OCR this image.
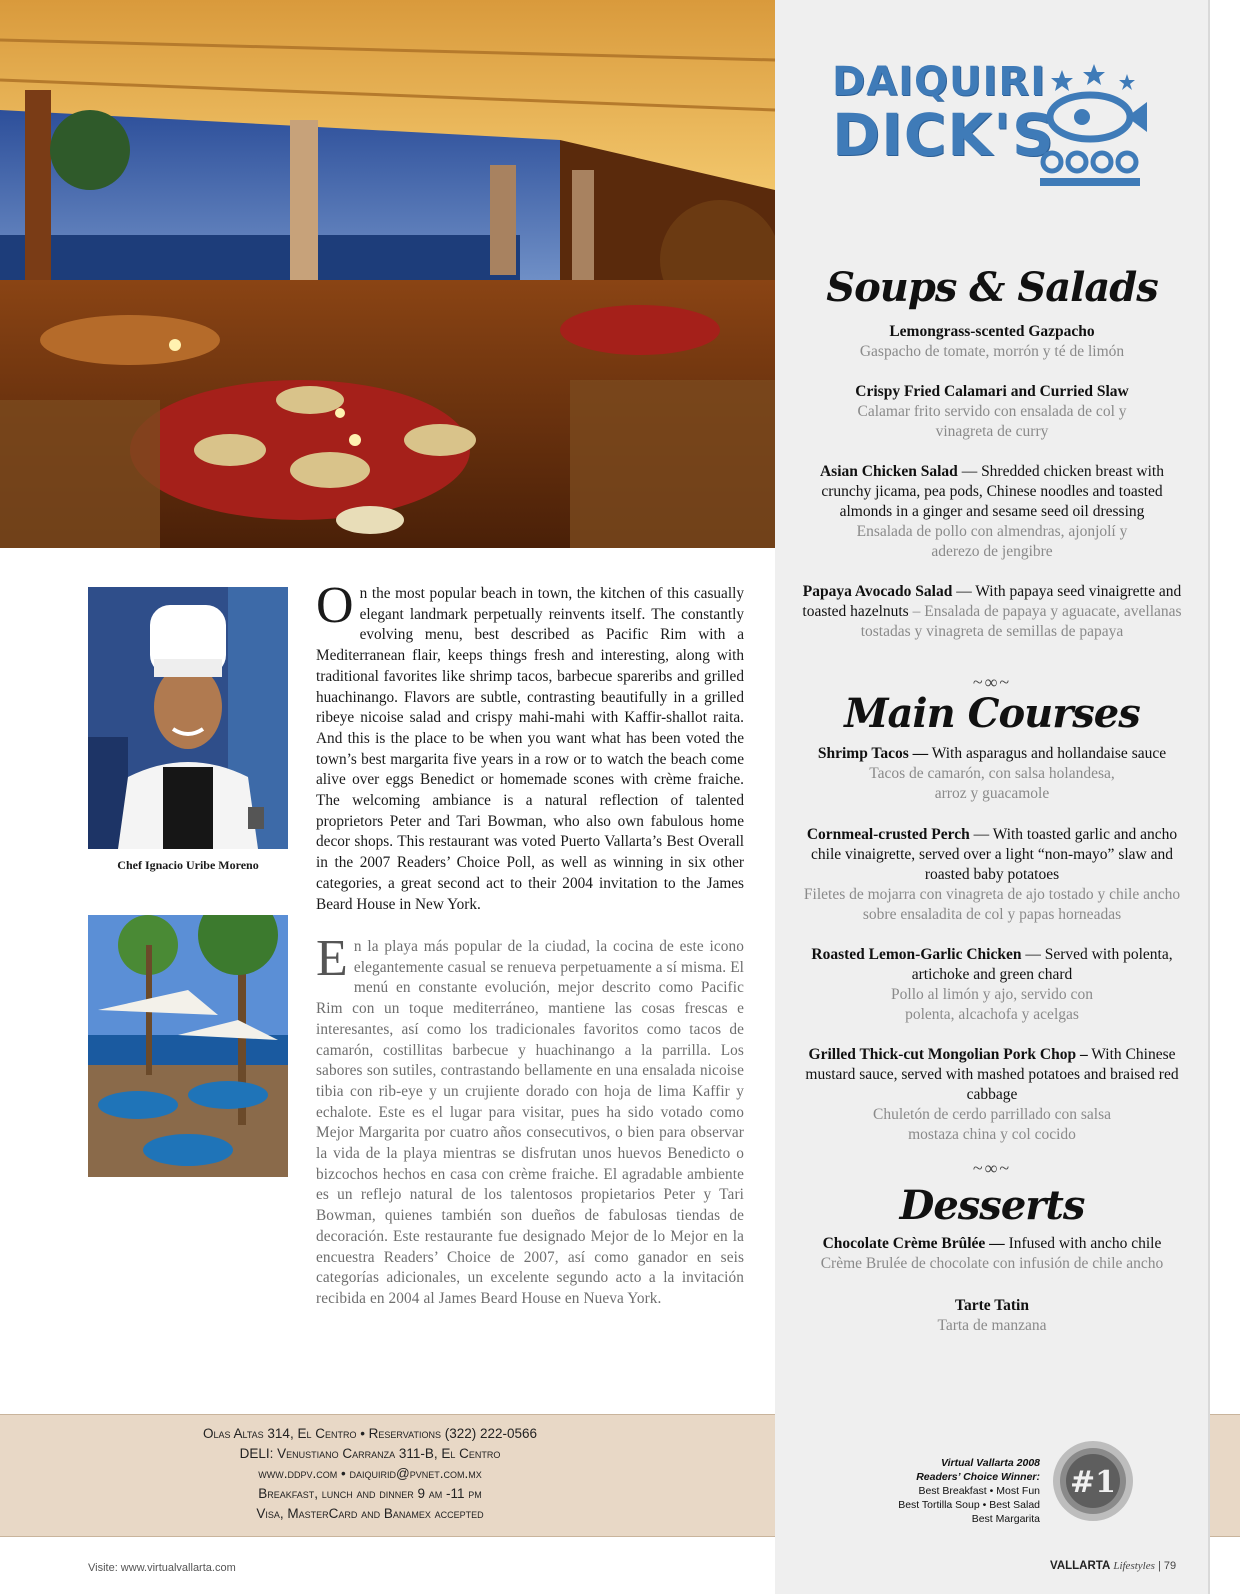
DAIQUIRI
DICK'S
Soups & Salads
Lemongrass-scented Gazpacho
Gaspacho de tomate, morrón y té de limón
Crispy Fried Calamari and Curried Slaw
Calamar frito servido con ensalada de col y vinagreta de curry
Asian Chicken Salad — Shredded chicken breast with crunchy jicama, pea pods, Chinese noodles and toasted almonds in a ginger and sesame seed oil dressing
Ensalada de pollo con almendras, ajonjolí y aderezo de jengibre
Papaya Avocado Salad — With papaya seed vinaigrette and toasted hazelnuts – Ensalada de papaya y aguacate, avellanas tostadas y vinagreta de semillas de papaya
~∞~
Main Courses
Shrimp Tacos — With asparagus and hollandaise sauce
Tacos de camarón, con salsa holandesa, arroz y guacamole
Cornmeal-crusted Perch — With toasted garlic and ancho chile vinaigrette, served over a light “non-mayo” slaw and roasted baby potatoes
Filetes de mojarra con vinagreta de ajo tostado y chile ancho sobre ensaladita de col y papas horneadas
Roasted Lemon-Garlic Chicken — Served with polenta, artichoke and green chard
Pollo al limón y ajo, servido con polenta, alcachofa y acelgas
Grilled Thick-cut Mongolian Pork Chop – With Chinese mustard sauce, served with mashed potatoes and braised red cabbage
Chuletón de cerdo parrillado con salsa mostaza china y col cocido
~∞~
Desserts
Chocolate Crème Brûlée — Infused with ancho chile
Crème Brulée de chocolate con infusión de chile ancho
Tarte Tatin
Tarta de manzana
Chef Ignacio Uribe Moreno
On the most popular beach in town, the kitchen of this casually elegant landmark perpetually reinvents itself. The constantly evolving menu, best described as Pacific Rim with a Mediterranean flair, keeps things fresh and interesting, along with traditional favorites like shrimp tacos, barbecue spareribs and grilled huachinango. Flavors are subtle, contrasting beautifully in a grilled ribeye nicoise salad and crispy mahi-mahi with Kaffir-shallot raita. And this is the place to be when you want what has been voted the town’s best margarita five years in a row or to watch the beach come alive over eggs Benedict or homemade scones with crème fraiche. The welcoming ambiance is a natural reflection of talented proprietors Peter and Tari Bowman, who also own fabulous home decor shops. This restaurant was voted Puerto Vallarta’s Best Overall in the 2007 Readers’ Choice Poll, as well as winning in six other categories, a great second act to their 2004 invitation to the James Beard House in New York.
En la playa más popular de la ciudad, la cocina de este icono elegantemente casual se renueva perpetuamente a sí misma. El menú en constante evolución, mejor descrito como Pacific Rim con un toque mediterráneo, mantiene las cosas frescas e interesantes, así como los tradicionales favoritos como tacos de camarón, costillitas barbecue y huachinango a la parrilla. Los sabores son sutiles, contrastando bellamente en una ensalada nicoise tibia con rib-eye y un crujiente dorado con hoja de lima Kaffir y echalote. Este es el lugar para visitar, pues ha sido votado como Mejor Margarita por cuatro años consecutivos, o bien para observar la vida de la playa mientras se disfrutan unos huevos Benedicto o bizcochos hechos en casa con crème fraiche. El agradable ambiente es un reflejo natural de los talentosos propietarios Peter y Tari Bowman, quienes también son dueños de fabulosas tiendas de decoración. Este restaurante fue designado Mejor de lo Mejor en la encuestra Readers’ Choice de 2007, así como ganador en seis categorías adicionales, un excelente segundo acto a la invitación recibida en 2004 al James Beard House en Nueva York.
Olas Altas 314, El Centro • Reservations (322) 222-0566
DELI: Venustiano Carranza 311-B, El Centro
www.ddpv.com • daiquirid@pvnet.com.mx
Breakfast, lunch and dinner 9 am -11 pm
Visa, MasterCard and Banamex accepted
Virtual Vallarta 2008
Readers’ Choice Winner:
Best Breakfast • Most Fun
Best Tortilla Soup • Best Salad
Best Margarita
#1
Visite: www.virtualvallarta.com	VALLARTA Lifestyles | 79
